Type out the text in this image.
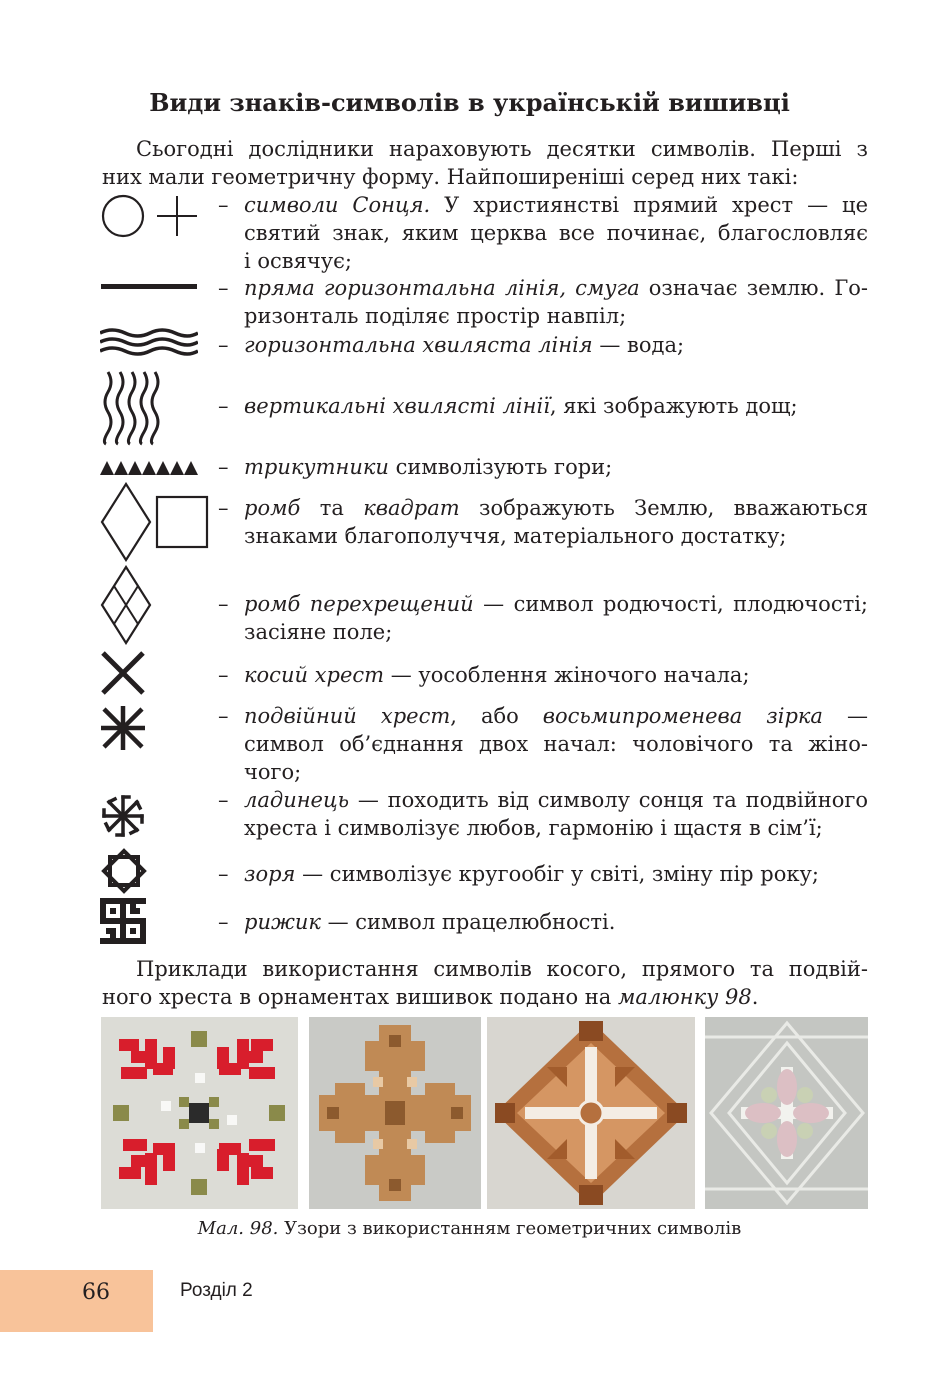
Види знаків-символів в українській вишивці
Сьогодні дослідники нараховують десятки символів. Перші з
них мали геометричну форму. Найпоширеніші серед них такі:
– символи Сонця. У християнстві прямий хрест — це
святий знак, яким церква все починає, благословляє
і освячує;
– пряма горизонтальна лінія, смуга означає землю. Го-
ризонталь поділяє простір навпіл;
– горизонтальна хвиляста лінія — вода;
– вертикальні хвилясті лінії, які зображують дощ;
– трикутники символізують гори;
– ромб та квадрат зображують Землю, вважаються
знаками благополуччя, матеріального достатку;
– ромб перехрещений — символ родючості, плодючості;
засіяне поле;
– косий хрест — уособлення жіночого начала;
– подвійний хрест, або восьмипроменева зірка —
символ об’єднання двох начал: чоловічого та жіно-
чого;
– ладинець — походить від символу сонця та подвійного
хреста і символізує любов, гармонію і щастя в сім’ї;
– зоря — символізує кругообіг у світі, зміну пір року;
– рижик — символ працелюбності.
Приклади використання символів косого, прямого та подвій-
ного хреста в орнаментах вишивок подано на малюнку 98.
Мал. 98. Узори з використанням геометричних символів
66	Розділ 2
